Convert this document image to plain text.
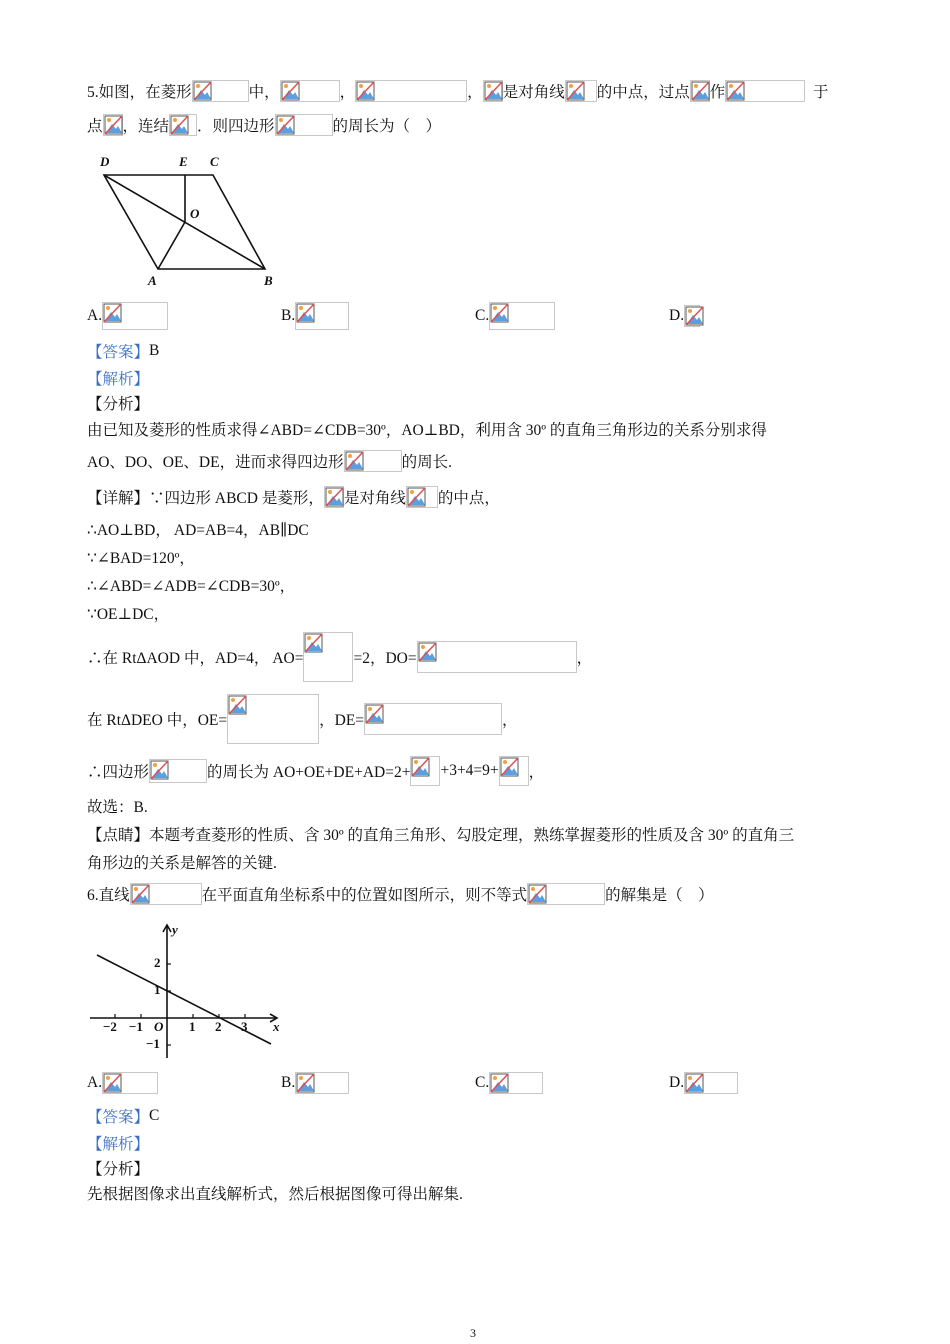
D	E C
O
A	B
−2 −1 O 1 2 3 x
y
2
1
−1
3
5.如图，在菱形	中，	，	， 是对角线 的中点，过点 作	于
点 ，连结 ．则四边形	的周长为（    ）
【答案】 B
【解析】
【分析】
由已知及菱形的性质求得∠ABD=∠CDB=30º，AO⊥BD，利用含 30º 的直角三角形边的关系分别求得
AO、DO、OE、DE，进而求得四边形	的周长.
【详解】∵四边形 ABCD 是菱形， 是对角线 的中点，
∴AO⊥BD， AD=AB=4，AB∥DC
∵∠BAD=120º，
∴∠ABD=∠ADB=∠CDB=30º，
∵OE⊥DC，
∴在 RtΔAOD 中，AD=4， AO=	=2，DO=	，
在 RtΔDEO 中，OE=	，DE=	，
∴四边形	的周长为 AO+OE+DE+AD=2+ +3+4=9+ ，
故选：B.
【点睛】本题考查菱形的性质、含 30º 的直角三角形、勾股定理，熟练掌握菱形的性质及含 30º 的直角三
角形边的关系是解答的关键.
6.直线	在平面直角坐标系中的位置如图所示，则不等式	的解集是（    ）
【答案】 C
【解析】
【分析】
先根据图像求出直线解析式，然后根据图像可得出解集.
A.	B.	C.	D.
A.	B.	C.	D.
